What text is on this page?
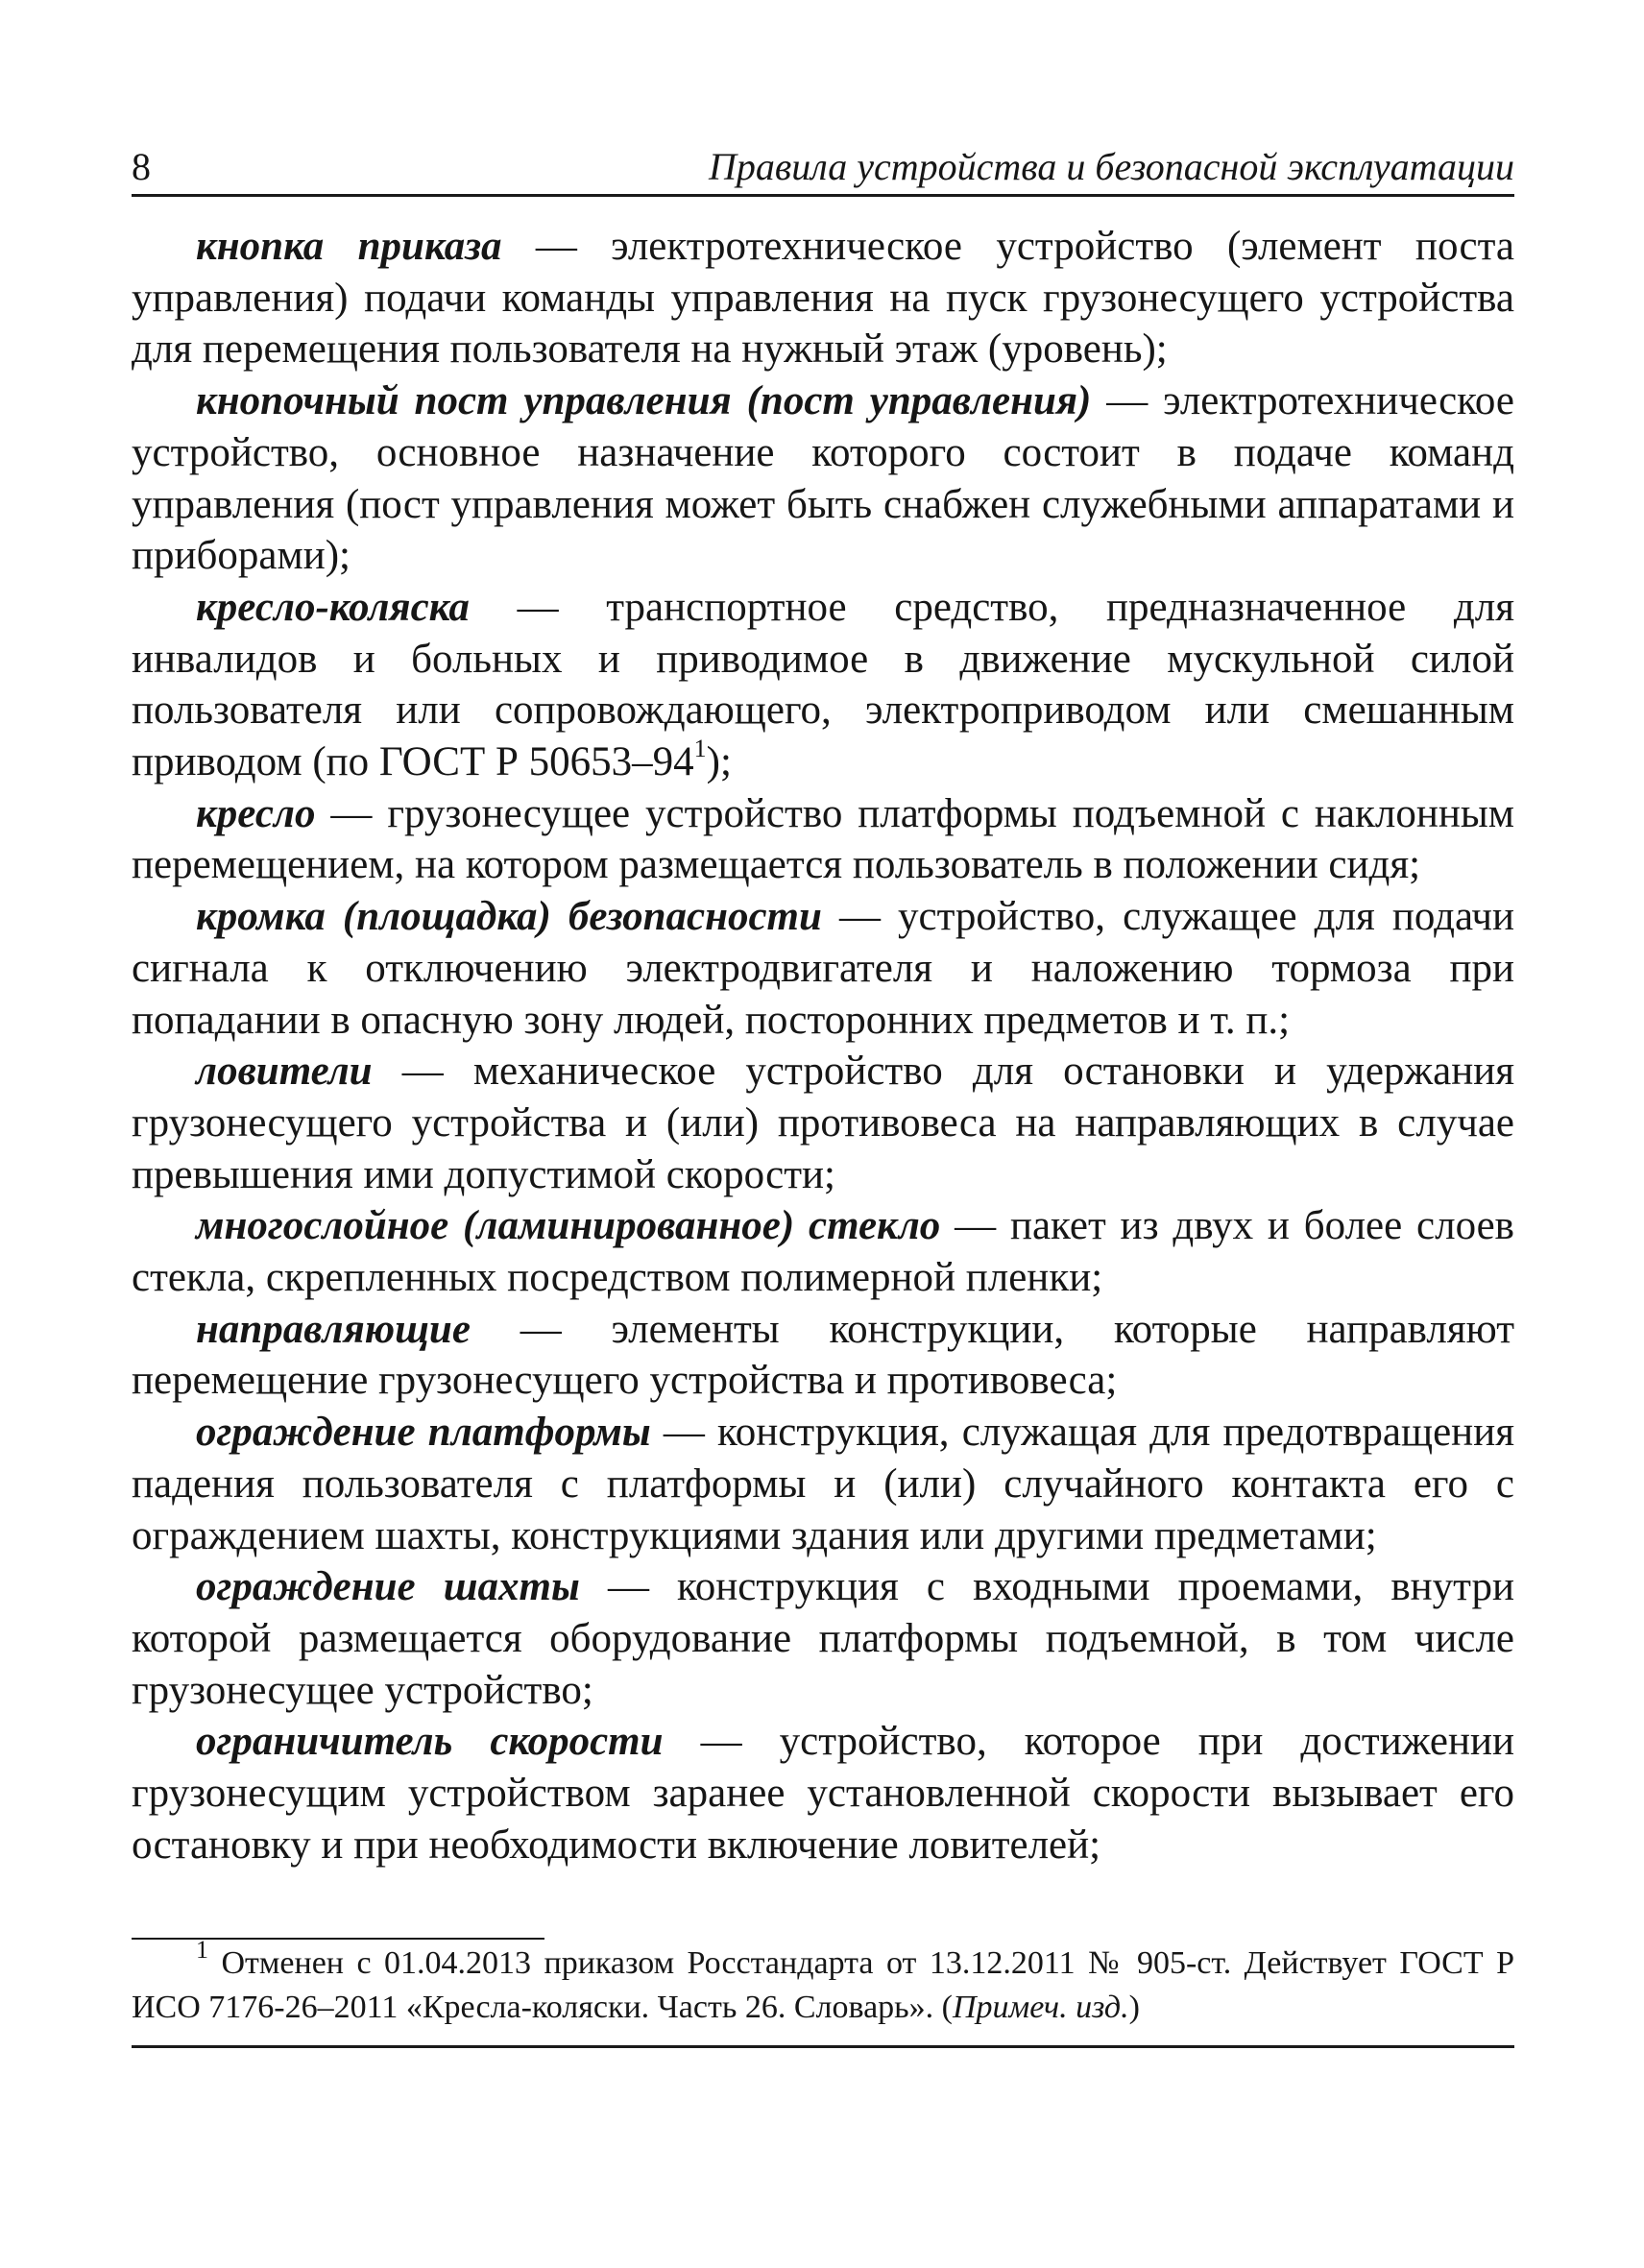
8	Правила устройства и безопасной эксплуатации

кнопка приказа — электротехническое устройство (элемент поста управления) подачи команды управления на пуск грузонесущего устройства для перемещения пользователя на нужный этаж (уровень);

кнопочный пост управления (пост управления) — электротехническое устройство, основное назначение которого состоит в подаче команд управления (пост управления может быть снабжен служебными аппаратами и приборами);

кресло-коляска — транспортное средство, предназначенное для инвалидов и больных и приводимое в движение мускульной силой пользователя или сопровождающего, электроприводом или смешанным приводом (по ГОСТ Р $50653-94^1$);

кресло — грузонесущее устройство платформы подъемной с наклонным перемещением, на котором размещается пользователь в положении сидя;

кромка (площадка) безопасности — устройство, служащее для подачи сигнала к отключению электродвигателя и наложению тормоза при попадании в опасную зону людей, посторонних предметов и т. п.;

ловители — механическое устройство для остановки и удержания грузонесущего устройства и (или) противовеса на направляющих в случае превышения ими допустимой скорости;

многослойное (ламинированное) стекло — пакет из двух и более слоев стекла, скрепленных посредством полимерной пленки;

направляющие — элементы конструкции, которые направляют перемещение грузонесущего устройства и противовеса;

ограждение платформы — конструкция, служащая для предотвращения падения пользователя с платформы и (или) случайного контакта его с ограждением шахты, конструкциями здания или другими предметами;

ограждение шахты — конструкция с входными проемами, внутри которой размещается оборудование платформы подъемной, в том числе грузонесущее устройство;

ограничитель скорости — устройство, которое при достижении грузонесущим устройством заранее установленной скорости вызывает его остановку и при необходимости включение ловителей;

$^1$ Отменен с 01.04.2013 приказом Росстандарта от 13.12.2011 № 905-ст. Действует ГОСТ Р ИСО 7176-26–2011 «Кресла-коляски. Часть 26. Словарь». (Примеч. изд.)
